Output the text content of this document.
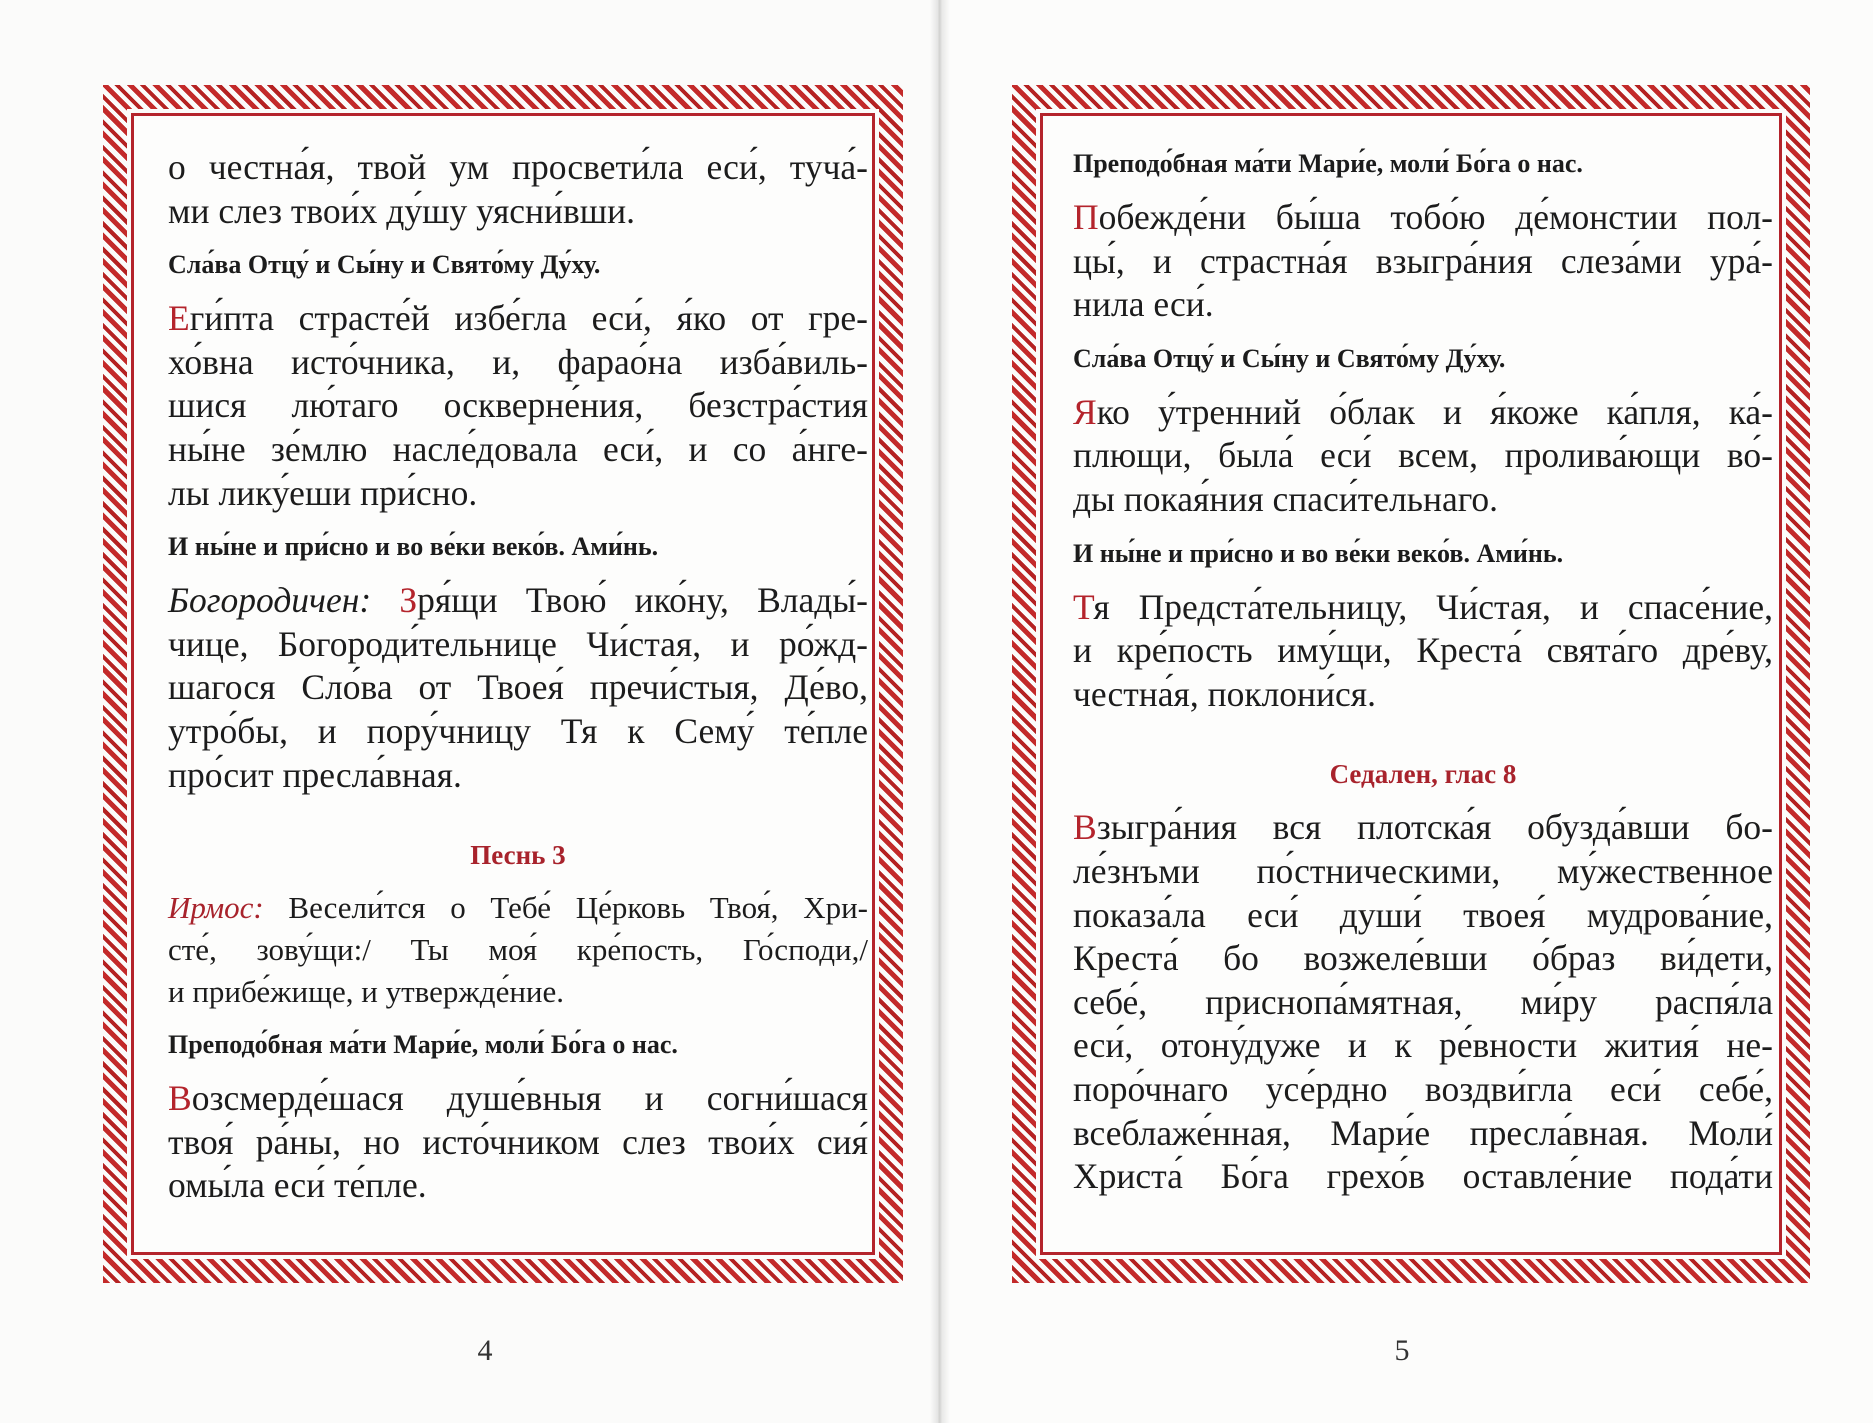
о честна́я, твой ум просвети́ла еси́, туча́-
ми слез твои́х ду́шу уясни́вши.
Сла́ва Отцу́ и Сы́ну и Свято́му Ду́ху.
Еги́пта страсте́й избе́гла еси́, я́ко от гре-
хо́вна исто́чника, и, фарао́на изба́виль-
шися лю́таго оскверне́ния, безстра́стия
ны́не зе́млю насле́довала еси́, и со а́нге-
лы лику́еши при́сно.
И ны́не и при́сно и во ве́ки веко́в. Ами́нь.
Богородичен: Зря́щи Твою́ ико́ну, Влады́-
чице, Богороди́тельнице Чи́стая, и ро́жд-
шагося Сло́ва от Твоея́ пречи́стыя, Де́во,
утро́бы, и пору́чницу Тя к Сему́ те́пле
про́сит пресла́вная.
Песнь 3
Ирмос: Весели́тся о Тебе́ Це́рковь Твоя́, Хри-
сте́, зову́щи:/ Ты моя́ кре́пость, Го́споди,/
и прибе́жище, и утвержде́ние.
Преподо́бная ма́ти Мари́е, моли́ Бо́га о нас.
Возсмерде́шася душе́вныя и согни́шася
твоя́ ра́ны, но исто́чником слез твои́х сия́
омы́ла еси́ те́пле.
4
Преподо́бная ма́ти Мари́е, моли́ Бо́га о нас.
Побежде́ни бы́ша тобо́ю де́монстии пол-
цы́, и страстна́я взыгра́ния слеза́ми ура́-
нила еси́.
Сла́ва Отцу́ и Сы́ну и Свято́му Ду́ху.
Яко у́тренний о́блак и я́коже ка́пля, ка́-
плющи, была́ еси́ всем, пролива́ющи во́-
ды покая́ния спаси́тельнаго.
И ны́не и при́сно и во ве́ки веко́в. Ами́нь.
Тя Предста́тельницу, Чи́стая, и спасе́ние,
и кре́пость иму́щи, Креста́ свята́го дре́ву,
честна́я, поклони́ся.
Седален, глас 8
Взыгра́ния вся плотска́я обузда́вши бо-
ле́знъми по́стническими, му́жественное
показа́ла еси́ души́ твоея́ мудрова́ние,
Креста́ бо возжеле́вши о́браз ви́дети,
себе́, приснопа́мятная, ми́ру распя́ла
еси́, отону́дуже и к ре́вности жития́ не-
поро́чнаго усе́рдно воздви́гла еси́ себе́,
всеблаже́нная, Мари́е пресла́вная. Моли́
Христа́ Бо́га грехо́в оставле́ние пода́ти
5
